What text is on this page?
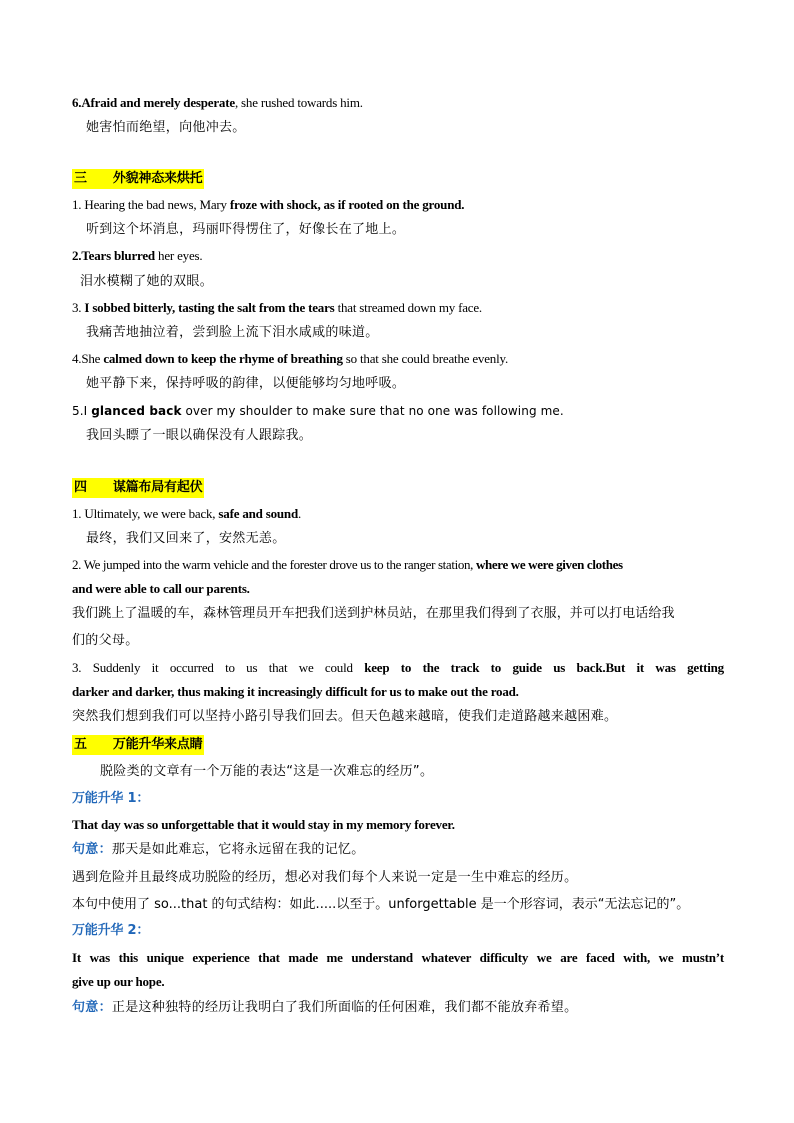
6.Afraid and merely desperate, she rushed towards him.
她害怕而绝望，向他冲去。
三 外貌神态来烘托
1. Hearing the bad news, Mary froze with shock, as if rooted on the ground.
听到这个坏消息，玛丽吓得愣住了，好像长在了地上。
2.Tears blurred her eyes.
泪水模糊了她的双眼。
3. I sobbed bitterly, tasting the salt from the tears that streamed down my face.
我痛苦地抽泣着，尝到脸上流下泪水咸咸的味道。
4.She calmed down to keep the rhyme of breathing so that she could breathe evenly.
她平静下来，保持呼吸的韵律，以便能够均匀地呼吸。
5.I glanced back over my shoulder to make sure that no one was following me.
我回头瞟了一眼以确保没有人跟踪我。
四 谋篇布局有起伏
1. Ultimately, we were back, safe and sound.
最终，我们又回来了，安然无恙。
2. We jumped into the warm vehicle and the forester drove us to the ranger station, where we were given clothes
and were able to call our parents.
我们跳上了温暖的车，森林管理员开车把我们送到护林员站，在那里我们得到了衣服，并可以打电话给我
们的父母。
3. Suddenly it occurred to us that we could keep to the track to guide us back.But it was getting
darker and darker, thus making it increasingly difficult for us to make out the road.
突然我们想到我们可以坚持小路引导我们回去。但天色越来越暗，使我们走道路越来越困难。
五 万能升华来点睛
脱险类的文章有一个万能的表达“这是一次难忘的经历”。
万能升华 1：
That day was so unforgettable that it would stay in my memory forever.
句意：那天是如此难忘，它将永远留在我的记忆。
遇到危险并且最终成功脱险的经历，想必对我们每个人来说一定是一生中难忘的经历。
本句中使用了 so...that 的句式结构：如此.....以至于。unforgettable 是一个形容词，表示“无法忘记的”。
万能升华 2：
It was this unique experience that made me understand whatever difficulty we are faced with, we mustn’t
give up our hope.
句意：正是这种独特的经历让我明白了我们所面临的任何困难，我们都不能放弃希望。
